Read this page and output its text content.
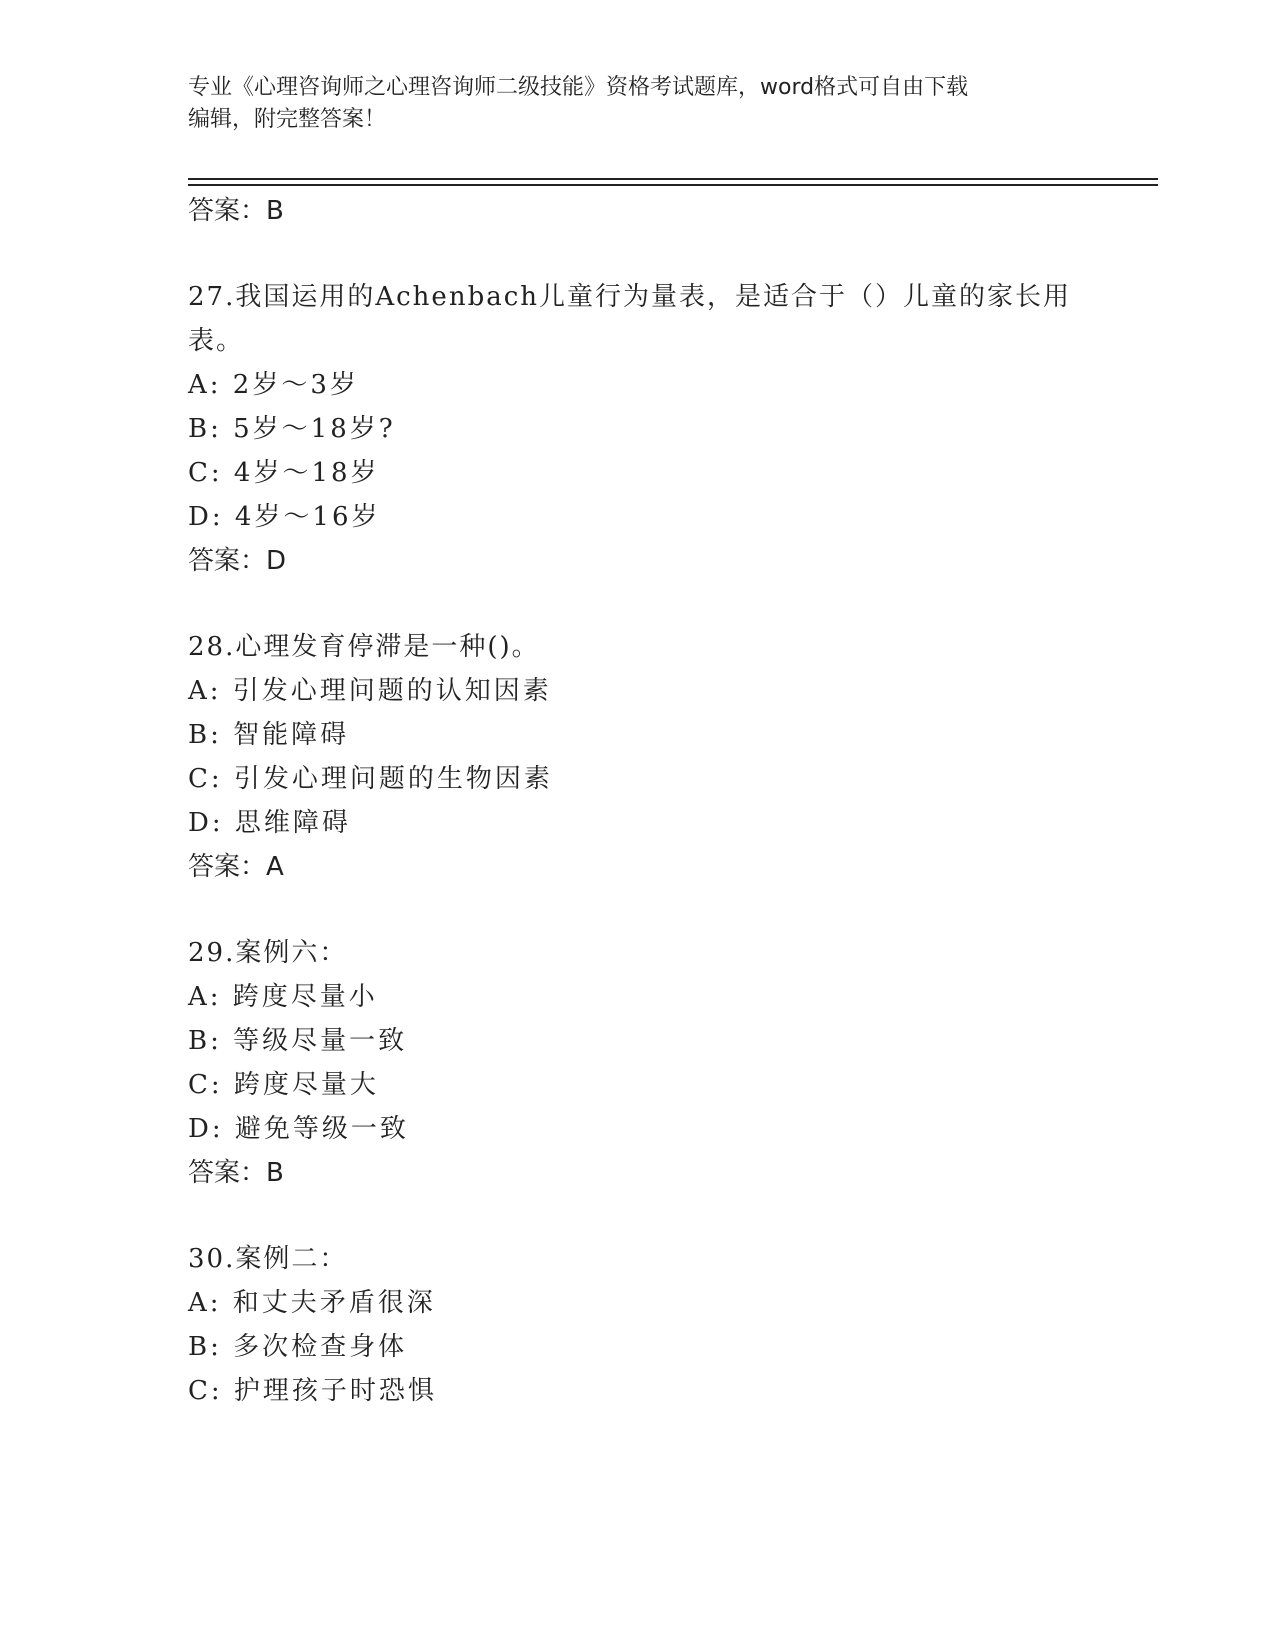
专业《心理咨询师之心理咨询师二级技能》资格考试题库，word格式可自由下载
编辑，附完整答案！
答案：B
27.我国运用的Achenbach儿童行为量表，是适合于（）儿童的家长用
表。
A: 2岁～3岁
B: 5岁～18岁?
C: 4岁～18岁
D: 4岁～16岁
答案：D
28.心理发育停滞是一种()。
A: 引发心理问题的认知因素
B: 智能障碍
C: 引发心理问题的生物因素
D: 思维障碍
答案：A
29.案例六：
A: 跨度尽量小
B: 等级尽量一致
C: 跨度尽量大
D: 避免等级一致
答案：B
30.案例二：
A: 和丈夫矛盾很深
B: 多次检查身体
C: 护理孩子时恐惧
